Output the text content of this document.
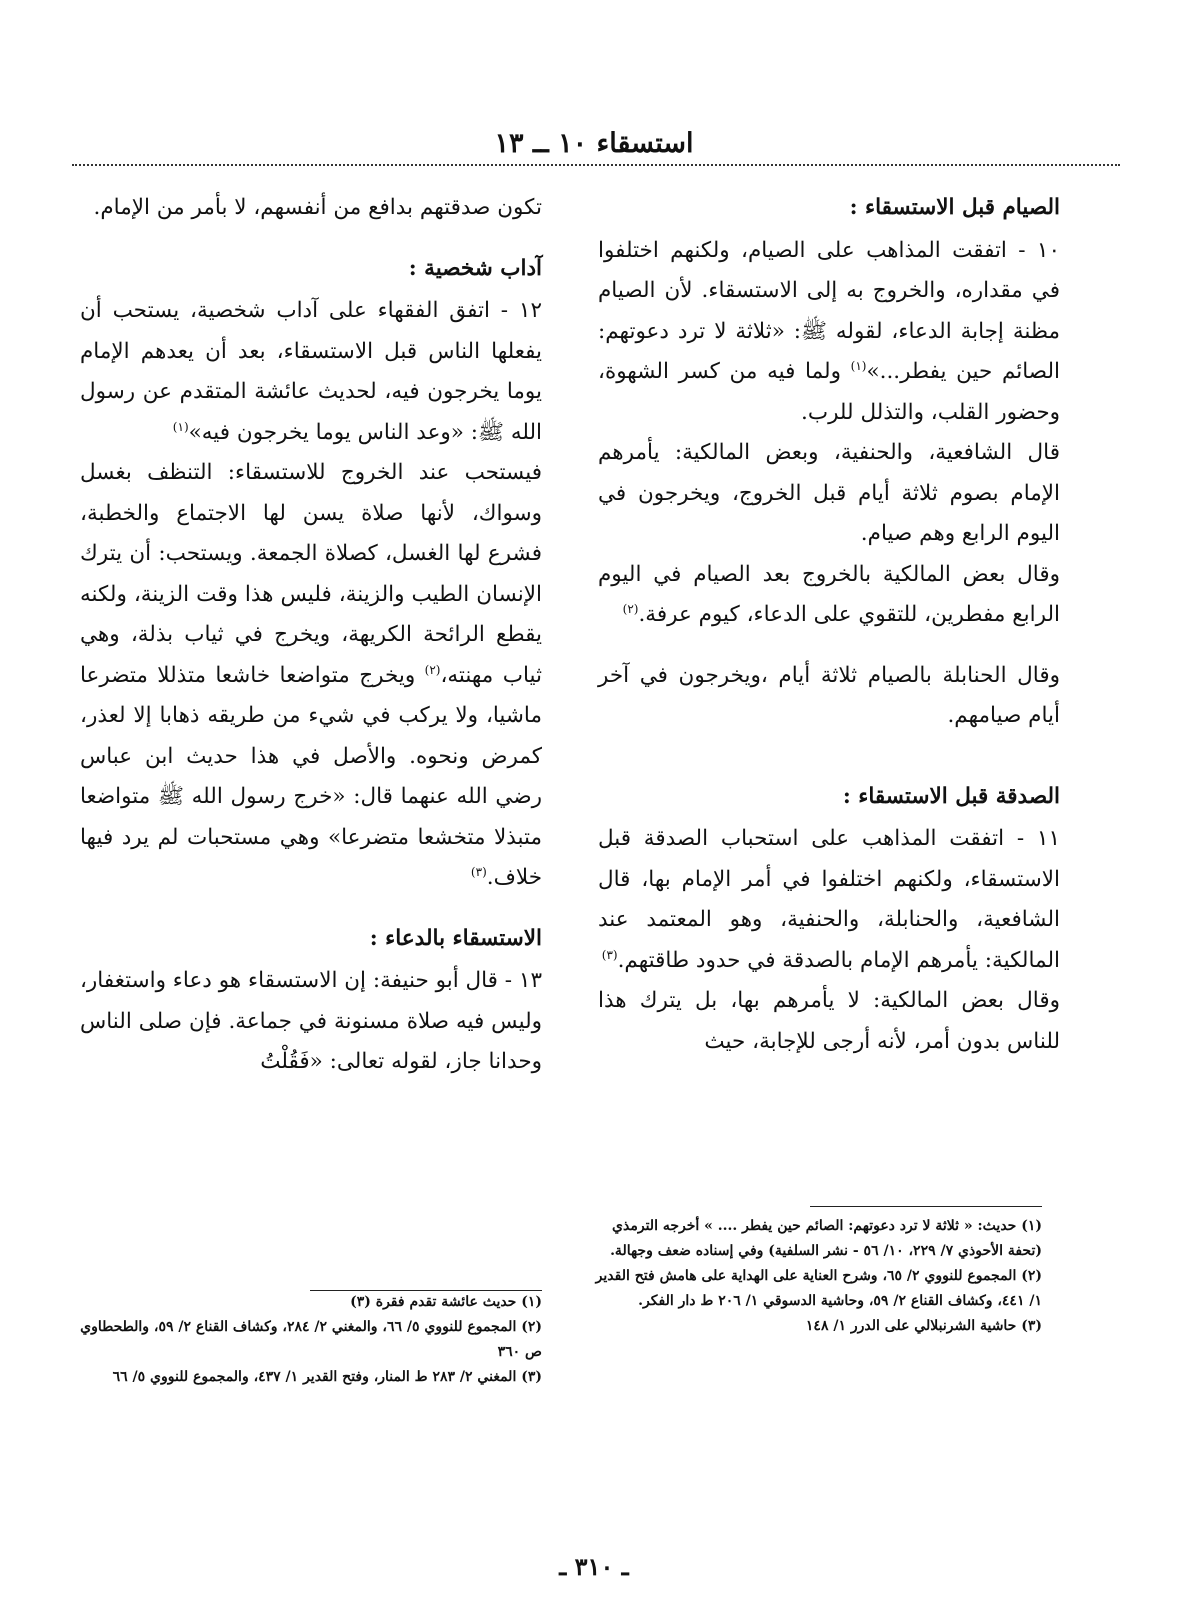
استسقاء ١٠ ــ ١٣

الصيام قبل الاستسقاء :

١٠ - اتفقت المذاهب على الصيام، ولكنهم اختلفوا في مقداره، والخروج به إلى الاستسقاء. لأن الصيام مظنة إجابة الدعاء، لقوله ﷺ: «ثلاثة لا ترد دعوتهم: الصائم حين يفطر...»$^{(١)}$ ولما فيه من كسر الشهوة، وحضور القلب، والتذلل للرب.

قال الشافعية، والحنفية، وبعض المالكية: يأمرهم الإمام بصوم ثلاثة أيام قبل الخروج، ويخرجون في اليوم الرابع وهم صيام.

وقال بعض المالكية بالخروج بعد الصيام في اليوم الرابع مفطرين، للتقوي على الدعاء، كيوم عرفة.$^{(٢)}$

وقال الحنابلة بالصيام ثلاثة أيام ،ويخرجون في آخر أيام صيامهم.

الصدقة قبل الاستسقاء :

١١ - اتفقت المذاهب على استحباب الصدقة قبل الاستسقاء، ولكنهم اختلفوا في أمر الإمام بها، قال الشافعية، والحنابلة، والحنفية، وهو المعتمد عند المالكية: يأمرهم الإمام بالصدقة في حدود طاقتهم.$^{(٣)}$

وقال بعض المالكية: لا يأمرهم بها، بل يترك هذا للناس بدون أمر، لأنه أرجى للإجابة، حيث

تكون صدقتهم بدافع من أنفسهم، لا بأمر من الإمام.

آداب شخصية :

١٢ - اتفق الفقهاء على آداب شخصية، يستحب أن يفعلها الناس قبل الاستسقاء، بعد أن يعدهم الإمام يوما يخرجون فيه، لحديث عائشة المتقدم عن رسول الله ﷺ: «وعد الناس يوما يخرجون فيه»$^{(١)}$

فيستحب عند الخروج للاستسقاء: التنظف بغسل وسواك، لأنها صلاة يسن لها الاجتماع والخطبة، فشرع لها الغسل، كصلاة الجمعة. ويستحب: أن يترك الإنسان الطيب والزينة، فليس هذا وقت الزينة، ولكنه يقطع الرائحة الكريهة، ويخرج في ثياب بذلة، وهي ثياب مهنته،$^{(٢)}$ ويخرج متواضعا خاشعا متذللا متضرعا ماشيا، ولا يركب في شيء من طريقه ذهابا إلا لعذر، كمرض ونحوه. والأصل في هذا حديث ابن عباس رضي الله عنهما قال: «خرج رسول الله ﷺ متواضعا متبذلا متخشعا متضرعا» وهي مستحبات لم يرد فيها خلاف.$^{(٣)}$

الاستسقاء بالدعاء :

١٣ - قال أبو حنيفة: إن الاستسقاء هو دعاء واستغفار، وليس فيه صلاة مسنونة في جماعة. فإن صلى الناس وحدانا جاز، لقوله تعالى: «فَقُلْتُ

(١) حديث: « ثلاثة لا ترد دعوتهم: الصائم حين يفطر .... » أخرجه الترمذي (تحفة الأحوذي ٧/ ٢٢٩، ١٠/ ٥٦ - نشر السلفية) وفي إسناده ضعف وجهالة.

(٢) المجموع للنووي ٢/ ٦٥، وشرح العناية على الهداية على هامش فتح القدير ١/ ٤٤١، وكشاف القناع ٢/ ٥٩، وحاشية الدسوقي ١/ ٢٠٦ ط دار الفكر.

(٣) حاشية الشرنبلالي على الدرر ١/ ١٤٨

(١) حديث عائشة تقدم فقرة (٣)

(٢) المجموع للنووي ٥/ ٦٦، والمغني ٢/ ٢٨٤، وكشاف القناع ٢/ ٥٩، والطحطاوي ص ٣٦٠

(٣) المغني ٢/ ٢٨٣ ط المنار، وفتح القدير ١/ ٤٣٧، والمجموع للنووي ٥/ ٦٦

ـ ٣١٠ ـ
